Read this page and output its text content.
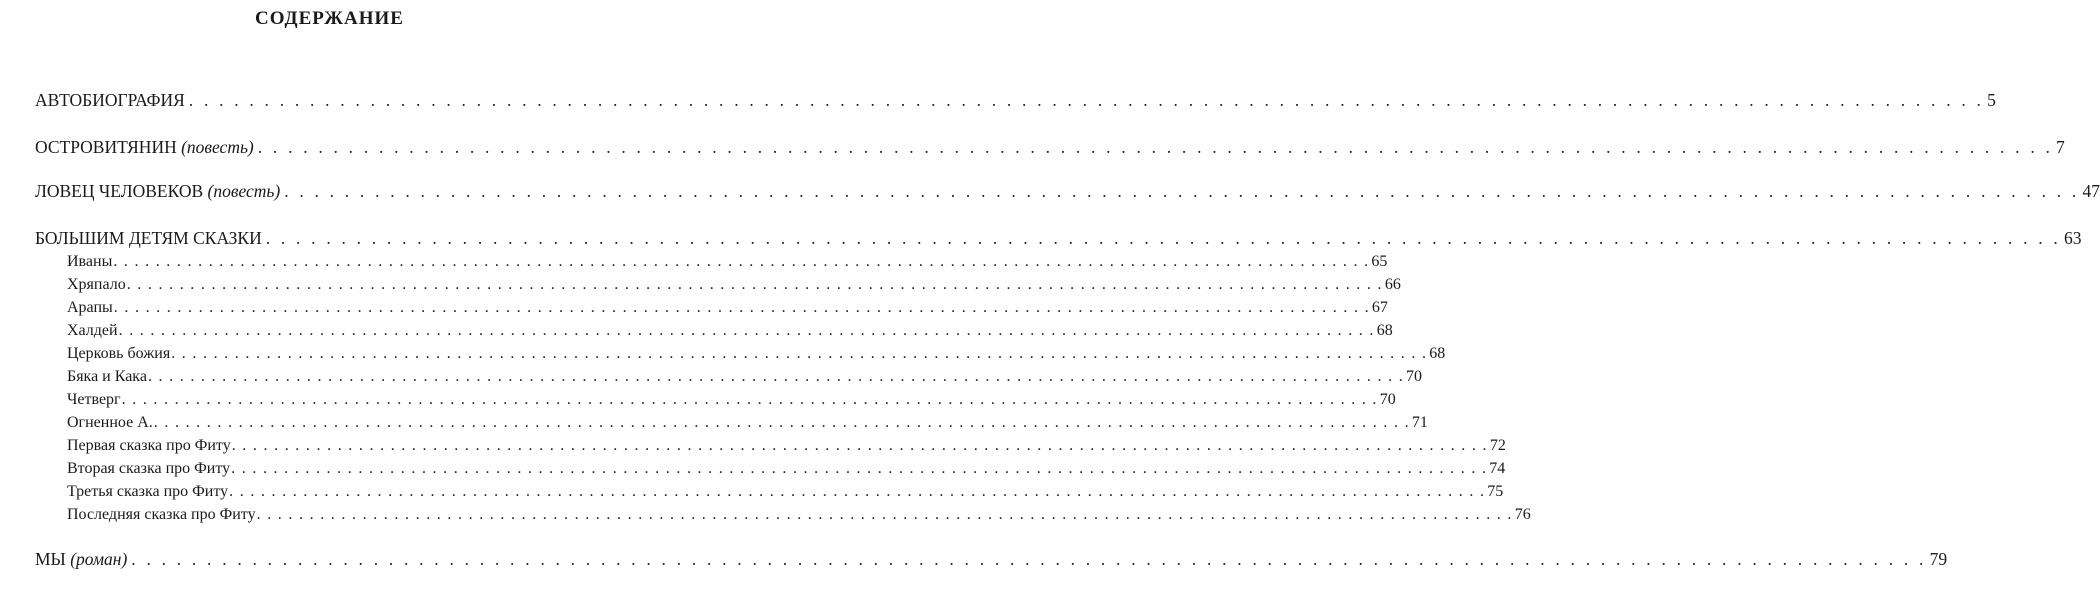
СОДЕРЖАНИЕ
АВТОБИОГРАФИЯ . . . . . . . . . . . . . . . . . . . . . . . . . . . . . . . . . . . . . . . . . . . . . . . . . . . . . . . . . . . . . . . . . . . . . . . . . . . . . . . . . . . . . . . . . . . . . . . . . . . . . . . . . . . . . . . . . . . . . . . 5
ОСТРОВИТЯНИН (повесть) . . . . . . . . . . . . . . . . . . . . . . . . . . . . . . . . . . . . . . . . . . . . . . . . . . . . . . . . . . . . . . . . . . . . . . . . . . . . . . . . . . . . . . . . . . . . . . . . . . . . . . . . . . . . . . . . . . . . . . . 7
ЛОВЕЦ ЧЕЛОВЕКОВ (повесть) . . . . . . . . . . . . . . . . . . . . . . . . . . . . . . . . . . . . . . . . . . . . . . . . . . . . . . . . . . . . . . . . . . . . . . . . . . . . . . . . . . . . . . . . . . . . . . . . . . . . . . . . . . . . . . . . . . . . . . . 47
БОЛЬШИМ ДЕТЯМ СКАЗКИ . . . . . . . . . . . . . . . . . . . . . . . . . . . . . . . . . . . . . . . . . . . . . . . . . . . . . . . . . . . . . . . . . . . . . . . . . . . . . . . . . . . . . . . . . . . . . . . . . . . . . . . . . . . . . . . . . . . . . . . 63
Иваны . . . . . . . . . . . . . . . . . . . . . . . . . . . . . . . . . . . . . . . . . . . . . . . . . . . . . . . . . . . . . . . . . . . . . . . . . . . . . . . . . . . . . . . . . . . . . . . . . . . . . . . . . . . . . . . . . . . . . . . 65
Хряпало . . . . . . . . . . . . . . . . . . . . . . . . . . . . . . . . . . . . . . . . . . . . . . . . . . . . . . . . . . . . . . . . . . . . . . . . . . . . . . . . . . . . . . . . . . . . . . . . . . . . . . . . . . . . . . . . . . . . . . . 66
Арапы . . . . . . . . . . . . . . . . . . . . . . . . . . . . . . . . . . . . . . . . . . . . . . . . . . . . . . . . . . . . . . . . . . . . . . . . . . . . . . . . . . . . . . . . . . . . . . . . . . . . . . . . . . . . . . . . . . . . . . . 67
Халдей . . . . . . . . . . . . . . . . . . . . . . . . . . . . . . . . . . . . . . . . . . . . . . . . . . . . . . . . . . . . . . . . . . . . . . . . . . . . . . . . . . . . . . . . . . . . . . . . . . . . . . . . . . . . . . . . . . . . . . . 68
Церковь божия . . . . . . . . . . . . . . . . . . . . . . . . . . . . . . . . . . . . . . . . . . . . . . . . . . . . . . . . . . . . . . . . . . . . . . . . . . . . . . . . . . . . . . . . . . . . . . . . . . . . . . . . . . . . . . . . . . . . . . . 68
Бяка и Кака . . . . . . . . . . . . . . . . . . . . . . . . . . . . . . . . . . . . . . . . . . . . . . . . . . . . . . . . . . . . . . . . . . . . . . . . . . . . . . . . . . . . . . . . . . . . . . . . . . . . . . . . . . . . . . . . . . . . . . . 70
Четверг . . . . . . . . . . . . . . . . . . . . . . . . . . . . . . . . . . . . . . . . . . . . . . . . . . . . . . . . . . . . . . . . . . . . . . . . . . . . . . . . . . . . . . . . . . . . . . . . . . . . . . . . . . . . . . . . . . . . . . . 70
Огненное А. . . . . . . . . . . . . . . . . . . . . . . . . . . . . . . . . . . . . . . . . . . . . . . . . . . . . . . . . . . . . . . . . . . . . . . . . . . . . . . . . . . . . . . . . . . . . . . . . . . . . . . . . . . . . . . . . . . . . . . . 71
Первая сказка про Фиту . . . . . . . . . . . . . . . . . . . . . . . . . . . . . . . . . . . . . . . . . . . . . . . . . . . . . . . . . . . . . . . . . . . . . . . . . . . . . . . . . . . . . . . . . . . . . . . . . . . . . . . . . . . . . . . . . . . . . . . 72
Вторая сказка про Фиту . . . . . . . . . . . . . . . . . . . . . . . . . . . . . . . . . . . . . . . . . . . . . . . . . . . . . . . . . . . . . . . . . . . . . . . . . . . . . . . . . . . . . . . . . . . . . . . . . . . . . . . . . . . . . . . . . . . . . . . 74
Третья сказка про Фиту . . . . . . . . . . . . . . . . . . . . . . . . . . . . . . . . . . . . . . . . . . . . . . . . . . . . . . . . . . . . . . . . . . . . . . . . . . . . . . . . . . . . . . . . . . . . . . . . . . . . . . . . . . . . . . . . . . . . . . . 75
Последняя сказка про Фиту . . . . . . . . . . . . . . . . . . . . . . . . . . . . . . . . . . . . . . . . . . . . . . . . . . . . . . . . . . . . . . . . . . . . . . . . . . . . . . . . . . . . . . . . . . . . . . . . . . . . . . . . . . . . . . . . . . . . . . . 76
МЫ (роман) . . . . . . . . . . . . . . . . . . . . . . . . . . . . . . . . . . . . . . . . . . . . . . . . . . . . . . . . . . . . . . . . . . . . . . . . . . . . . . . . . . . . . . . . . . . . . . . . . . . . . . . . . . . . . . . . . . . . . . . 79
